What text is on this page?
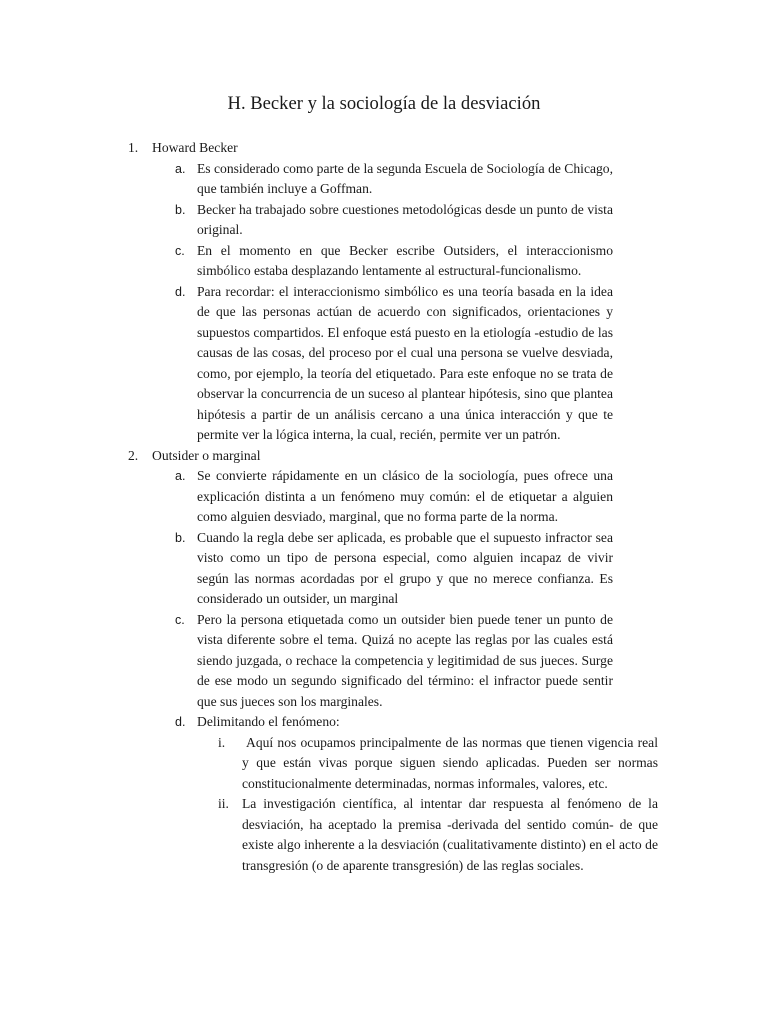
H. Becker y la sociología de la desviación
1. Howard Becker
a. Es considerado como parte de la segunda Escuela de Sociología de Chicago, que también incluye a Goffman.
b. Becker ha trabajado sobre cuestiones metodológicas desde un punto de vista original.
c. En el momento en que Becker escribe Outsiders, el interaccionismo simbólico estaba desplazando lentamente al estructural-funcionalismo.
d. Para recordar: el interaccionismo simbólico es una teoría basada en la idea de que las personas actúan de acuerdo con significados, orientaciones y supuestos compartidos. El enfoque está puesto en la etiología -estudio de las causas de las cosas, del proceso por el cual una persona se vuelve desviada, como, por ejemplo, la teoría del etiquetado. Para este enfoque no se trata de observar la concurrencia de un suceso al plantear hipótesis, sino que plantea hipótesis a partir de un análisis cercano a una única interacción y que te permite ver la lógica interna, la cual, recién, permite ver un patrón.
2. Outsider o marginal
a. Se convierte rápidamente en un clásico de la sociología, pues ofrece una explicación distinta a un fenómeno muy común: el de etiquetar a alguien como alguien desviado, marginal, que no forma parte de la norma.
b. Cuando la regla debe ser aplicada, es probable que el supuesto infractor sea visto como un tipo de persona especial, como alguien incapaz de vivir según las normas acordadas por el grupo y que no merece confianza. Es considerado un outsider, un marginal
c. Pero la persona etiquetada como un outsider bien puede tener un punto de vista diferente sobre el tema. Quizá no acepte las reglas por las cuales está siendo juzgada, o rechace la competencia y legitimidad de sus jueces. Surge de ese modo un segundo significado del término: el infractor puede sentir que sus jueces son los marginales.
d. Delimitando el fenómeno:
i. Aquí nos ocupamos principalmente de las normas que tienen vigencia real y que están vivas porque siguen siendo aplicadas. Pueden ser normas constitucionalmente determinadas, normas informales, valores, etc.
ii. La investigación científica, al intentar dar respuesta al fenómeno de la desviación, ha aceptado la premisa -derivada del sentido común- de que existe algo inherente a la desviación (cualitativamente distinto) en el acto de transgresión (o de aparente transgresión) de las reglas sociales.
